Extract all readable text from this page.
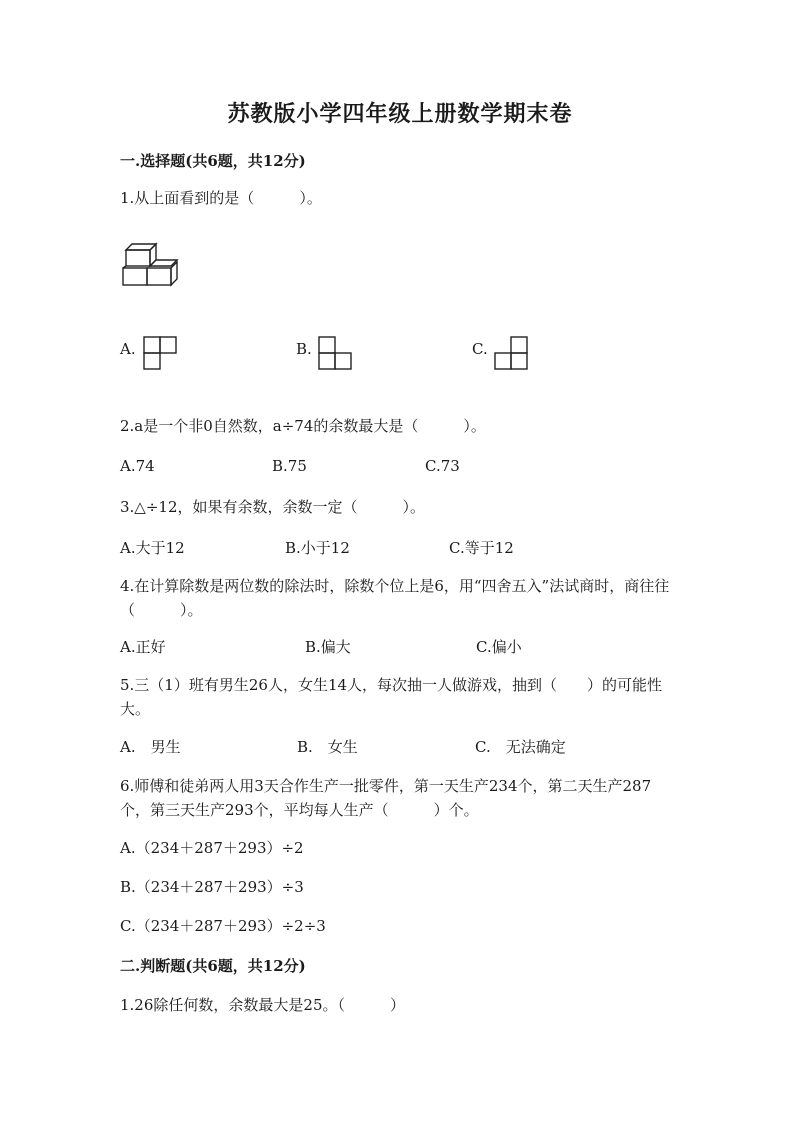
苏教版小学四年级上册数学期末卷
一.选择题(共6题，共12分)
1.从上面看到的是（　　　）。
A.	B.	C.
2.a是一个非0自然数，a÷74的余数最大是（　　　）。
A.74	B.75	C.73
3.△÷12，如果有余数，余数一定（　　　）。
A.大于12	B.小于12	C.等于12
4.在计算除数是两位数的除法时，除数个位上是6，用“四舍五入”法试商时，商往往（　　　）。
A.正好	B.偏大	C.偏小
5.三（1）班有男生26人，女生14人，每次抽一人做游戏，抽到（　　）的可能性大。
A.　男生	B.　女生	C.　无法确定
6.师傅和徒弟两人用3天合作生产一批零件，第一天生产234个，第二天生产287个，第三天生产293个，平均每人生产（　　　）个。
A.（234＋287＋293）÷2
B.（234＋287＋293）÷3
C.（234＋287＋293）÷2÷3
二.判断题(共6题，共12分)
1.26除任何数，余数最大是25。（　　　）
